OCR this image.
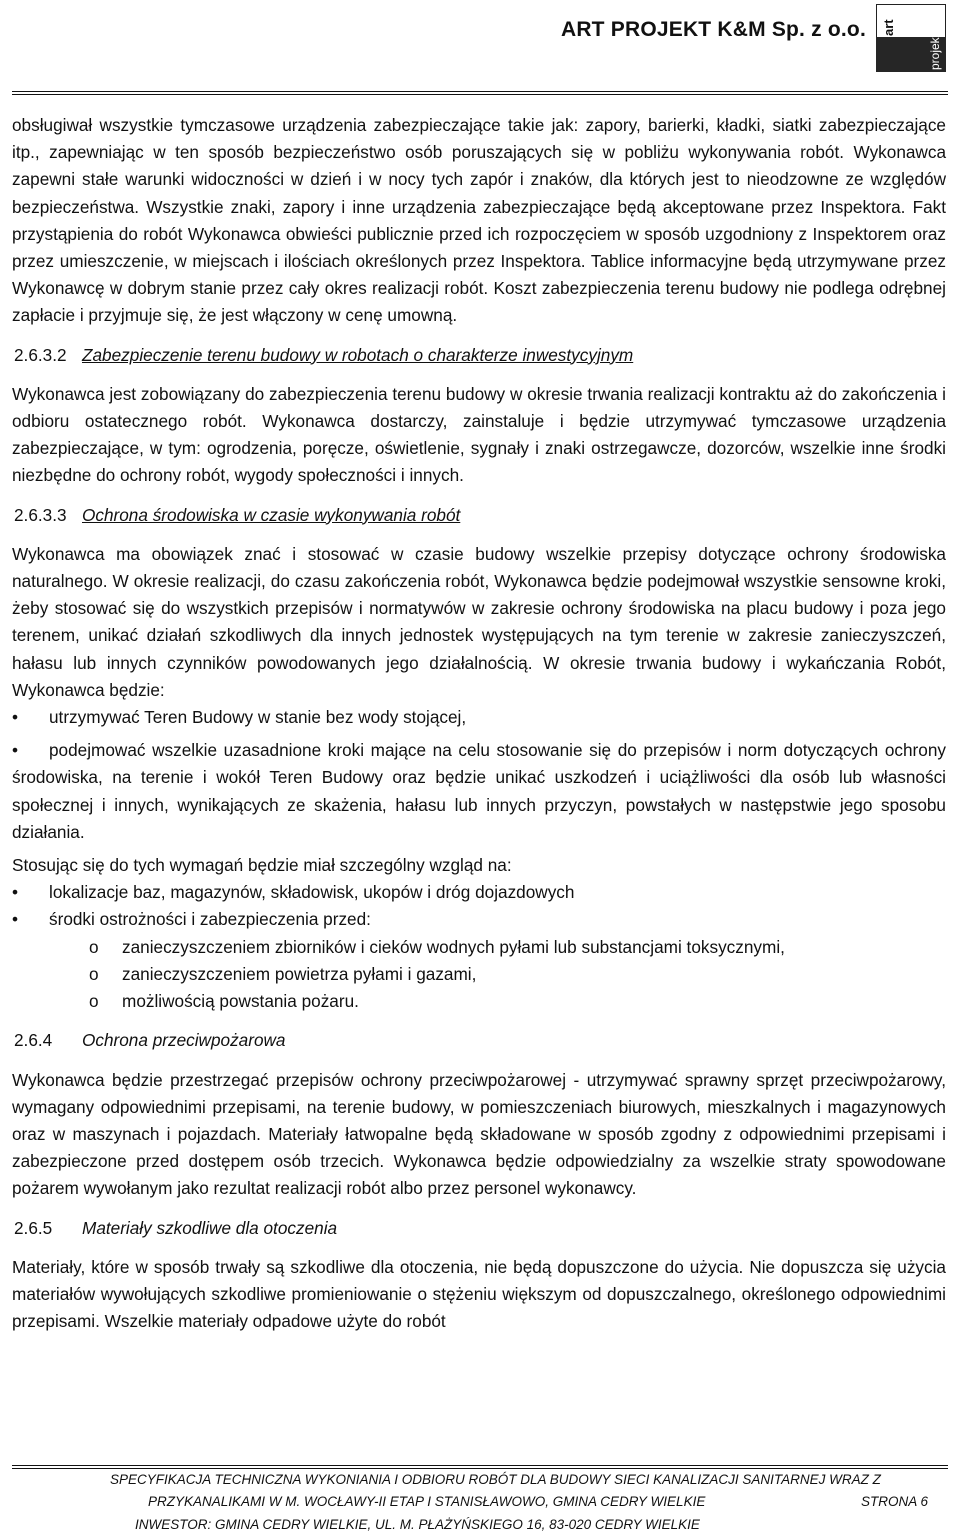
ART PROJEKT K&M Sp. z o.o. art
projekt

obsługiwał wszystkie tymczasowe urządzenia zabezpieczające takie jak: zapory, barierki, kładki, siatki zabezpieczające itp., zapewniając w ten sposób bezpieczeństwo osób poruszających się w pobliżu wykonywania robót. Wykonawca zapewni stałe warunki widoczności w dzień i w nocy tych zapór i znaków, dla których jest to nieodzowne ze względów bezpieczeństwa. Wszystkie znaki, zapory i inne urządzenia zabezpieczające będą akceptowane przez Inspektora. Fakt przystąpienia do robót Wykonawca obwieści publicznie przed ich rozpoczęciem w sposób uzgodniony z Inspektorem oraz przez umieszczenie, w miejscach i ilościach określonych przez Inspektora. Tablice informacyjne będą utrzymywane przez Wykonawcę w dobrym stanie przez cały okres realizacji robót. Koszt zabezpieczenia terenu budowy nie podlega odrębnej zapłacie i przyjmuje się, że jest włączony w cenę umowną.

2.6.3.2 Zabezpieczenie terenu budowy w robotach o charakterze inwestycyjnym

Wykonawca jest zobowiązany do zabezpieczenia terenu budowy w okresie trwania realizacji kontraktu aż do zakończenia i odbioru ostatecznego robót. Wykonawca dostarczy, zainstaluje i będzie utrzymywać tymczasowe urządzenia zabezpieczające, w tym: ogrodzenia, poręcze, oświetlenie, sygnały i znaki ostrzegawcze, dozorców, wszelkie inne środki niezbędne do ochrony robót, wygody społeczności i innych.

2.6.3.3 Ochrona środowiska w czasie wykonywania robót

Wykonawca ma obowiązek znać i stosować w czasie budowy wszelkie przepisy dotyczące ochrony środowiska naturalnego. W okresie realizacji, do czasu zakończenia robót, Wykonawca będzie podejmował wszystkie sensowne kroki, żeby stosować się do wszystkich przepisów i normatywów w zakresie ochrony środowiska na placu budowy i poza jego terenem, unikać działań szkodliwych dla innych jednostek występujących na tym terenie w zakresie zanieczyszczeń, hałasu lub innych czynników powodowanych jego działalnością. W okresie trwania budowy i wykańczania Robót, Wykonawca będzie:

• utrzymywać Teren Budowy w stanie bez wody stojącej,

• podejmować wszelkie uzasadnione kroki mające na celu stosowanie się do przepisów i norm dotyczących ochrony środowiska, na terenie i wokół Teren Budowy oraz będzie unikać uszkodzeń i uciążliwości dla osób lub własności społecznej i innych, wynikających ze skażenia, hałasu lub innych przyczyn, powstałych w następstwie jego sposobu działania.

Stosując się do tych wymagań będzie miał szczególny wzgląd na:

• lokalizacje baz, magazynów, składowisk, ukopów i dróg dojazdowych

• środki ostrożności i zabezpieczenia przed:

o zanieczyszczeniem zbiorników i cieków wodnych pyłami lub substancjami toksycznymi,

o zanieczyszczeniem powietrza pyłami i gazami,

o możliwością powstania pożaru.

2.6.4 Ochrona przeciwpożarowa

Wykonawca będzie przestrzegać przepisów ochrony przeciwpożarowej - utrzymywać sprawny sprzęt przeciwpożarowy, wymagany odpowiednimi przepisami, na terenie budowy, w pomieszczeniach biurowych, mieszkalnych i magazynowych oraz w maszynach i pojazdach. Materiały łatwopalne będą składowane w sposób zgodny z odpowiednimi przepisami i zabezpieczone przed dostępem osób trzecich. Wykonawca będzie odpowiedzialny za wszelkie straty spowodowane pożarem wywołanym jako rezultat realizacji robót albo przez personel wykonawcy.

2.6.5 Materiały szkodliwe dla otoczenia

Materiały, które w sposób trwały są szkodliwe dla otoczenia, nie będą dopuszczone do użycia. Nie dopuszcza się użycia materiałów wywołujących szkodliwe promieniowanie o stężeniu większym od dopuszczalnego, określonego odpowiednimi przepisami. Wszelkie materiały odpadowe użyte do robót

SPECYFIKACJA TECHNICZNA WYKONIANIA I ODBIORU ROBÓT DLA BUDOWY SIECI KANALIZACJI SANITARNEJ WRAZ Z
PRZYKANALIKAMI W M. WOCŁAWY-II ETAP I STANISŁAWOWO, GMINA CEDRY WIELKIE	STRONA 6
INWESTOR: GMINA CEDRY WIELKIE, UL. M. PŁAŻYŃSKIEGO 16, 83-020 CEDRY WIELKIE
